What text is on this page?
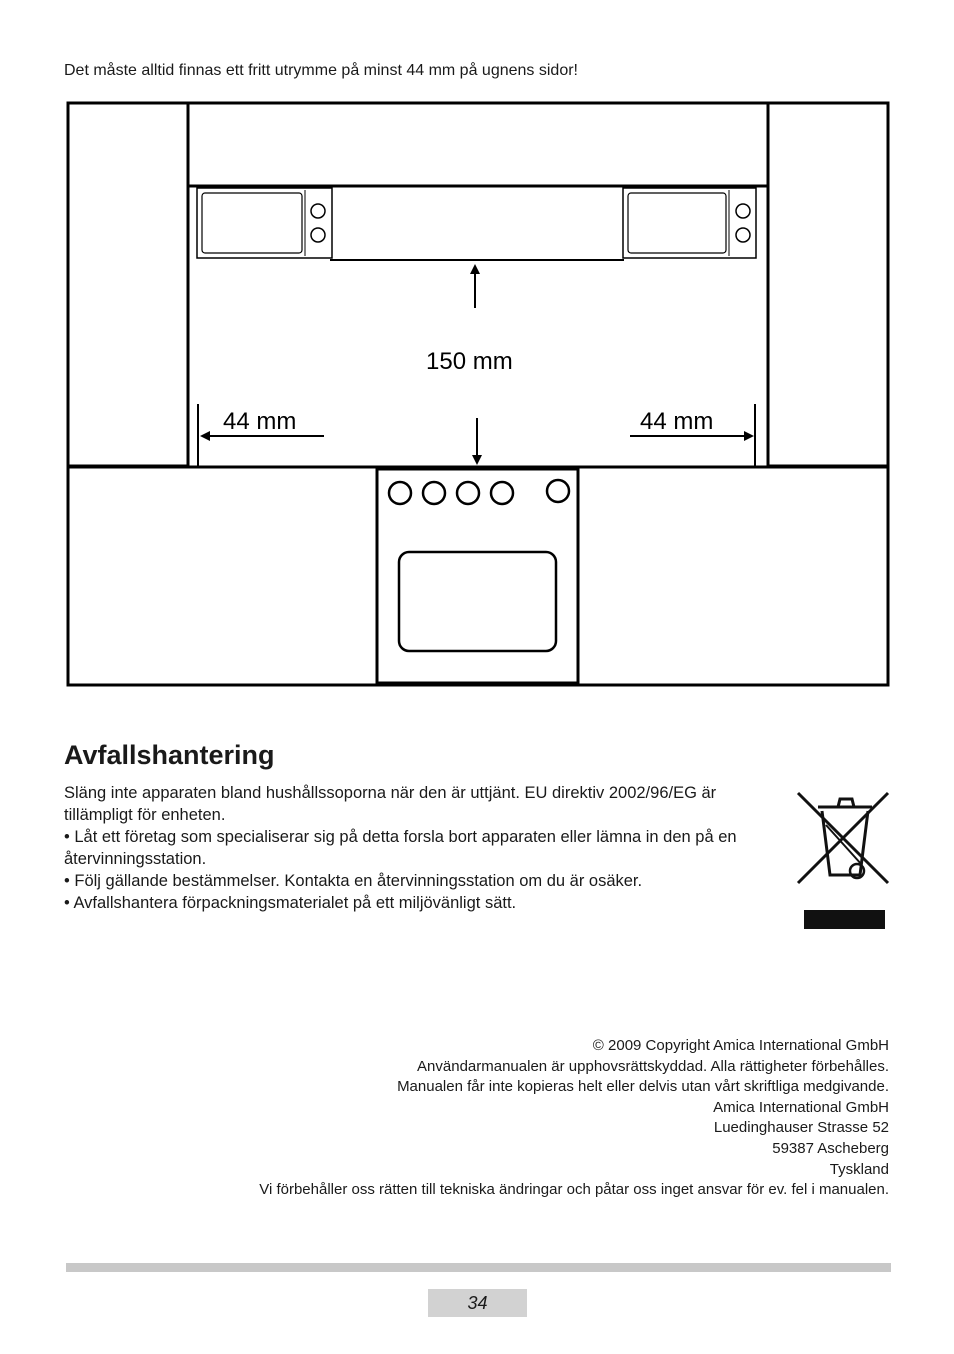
Det måste alltid finnas ett fritt utrymme på minst 44 mm på ugnens sidor!
150 mm
44 mm	44 mm
Avfallshantering

Släng inte apparaten bland hushållssoporna när den är uttjänt. EU direktiv 2002/96/EG är tillämpligt för enheten.

• Låt ett företag som specialiserar sig på detta forsla bort apparaten eller lämna in den på en återvinningsstation.

• Följ gällande bestämmelser. Kontakta en återvinningsstation om du är osäker.

• Avfallshantera förpackningsmaterialet på ett miljövänligt sätt.

© 2009 Copyright Amica International GmbH
Användarmanualen är upphovsrättskyddad. Alla rättigheter förbehålles.
Manualen får inte kopieras helt eller delvis utan vårt skriftliga medgivande.
Amica International GmbH
Luedinghauser Strasse 52
59387 Ascheberg
Tyskland
Vi förbehåller oss rätten till tekniska ändringar och påtar oss inget ansvar för ev. fel i manualen.
34
